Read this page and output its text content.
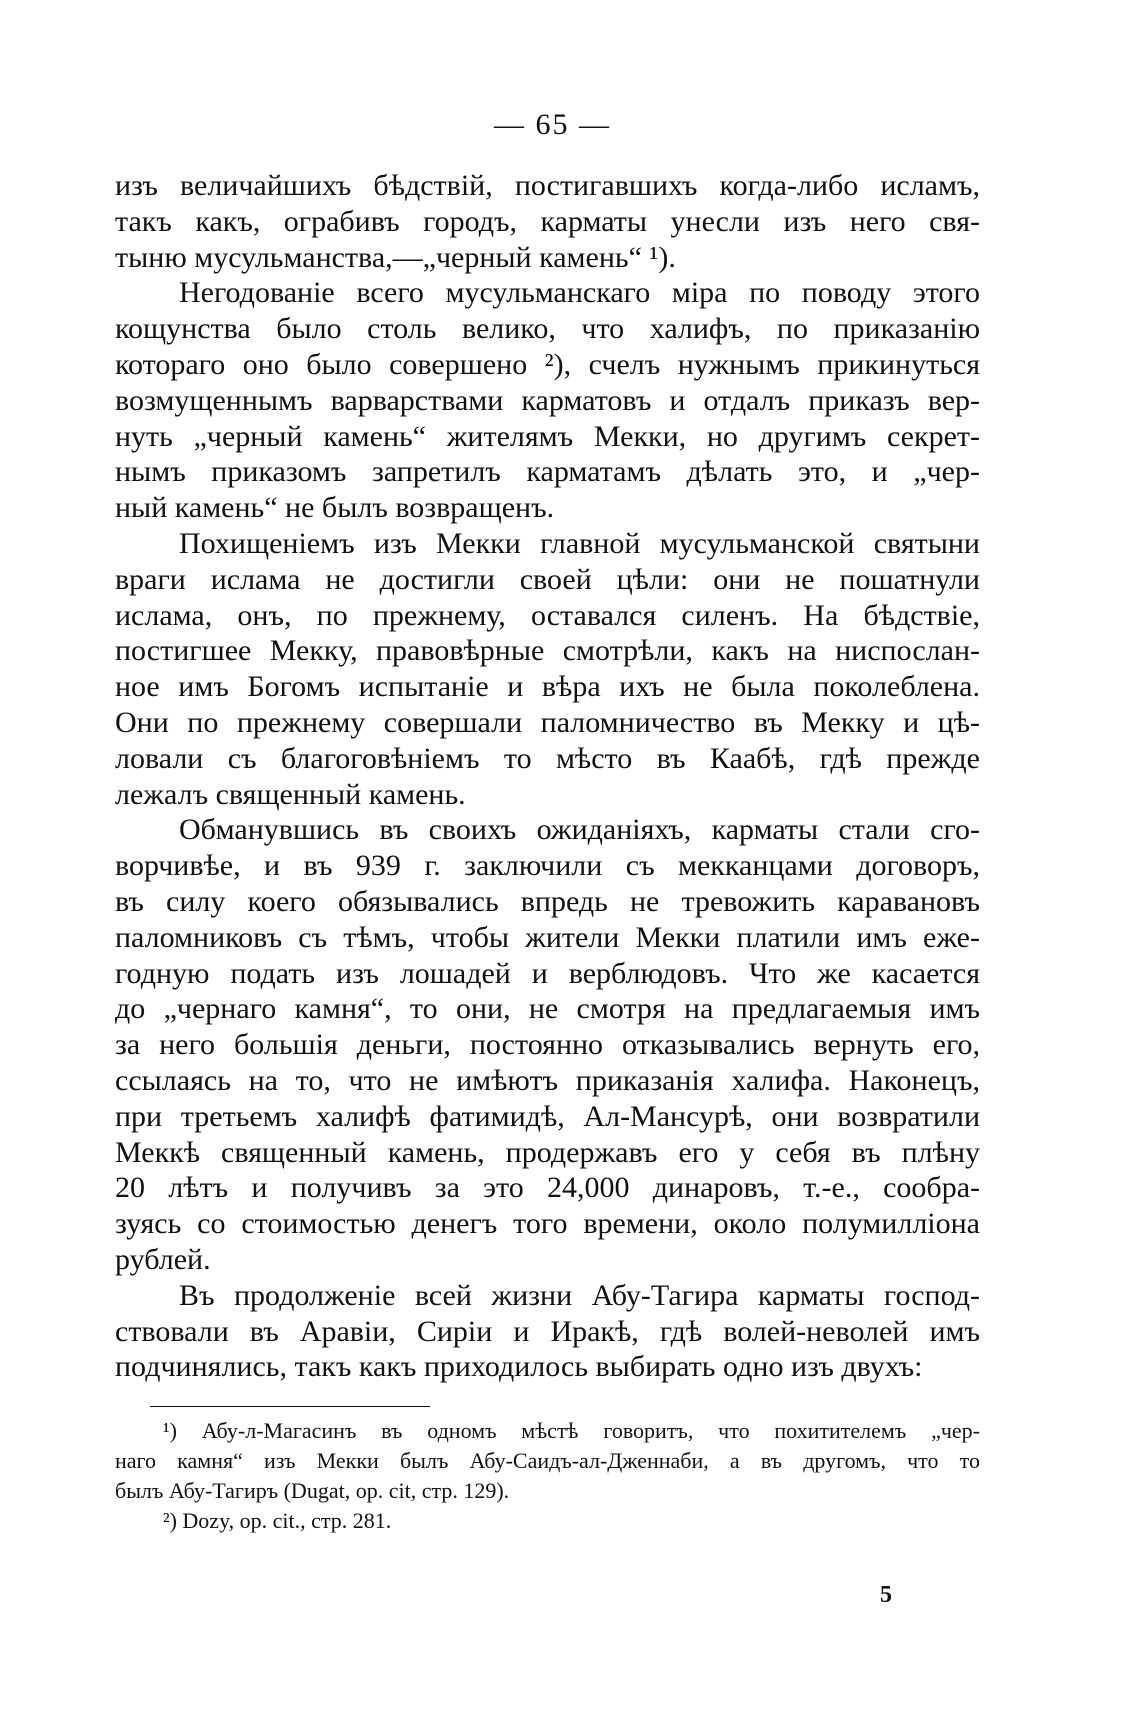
— 65 —
изъ величайшихъ бѣдствій, постигавшихъ когда-либо исламъ,
такъ какъ, ограбивъ городъ, карматы унесли изъ него свя-
тыню мусульманства,—„черный камень“ ¹).
Негодованіе всего мусульманскаго міра по поводу этого
кощунства было столь велико, что халифъ, по приказанію
котораго оно было совершено ²), счелъ нужнымъ прикинуться
возмущеннымъ варварствами карматовъ и отдалъ приказъ вер-
нуть „черный камень“ жителямъ Мекки, но другимъ секрет-
нымъ приказомъ запретилъ карматамъ дѣлать это, и „чер-
ный камень“ не былъ возвращенъ.
Похищеніемъ изъ Мекки главной мусульманской святыни
враги ислама не достигли своей цѣли: они не пошатнули
ислама, онъ, по прежнему, оставался силенъ. На бѣдствіе,
постигшее Мекку, правовѣрные смотрѣли, какъ на ниспослан-
ное имъ Богомъ испытаніе и вѣра ихъ не была поколеблена.
Они по прежнему совершали паломничество въ Мекку и цѣ-
ловали съ благоговѣніемъ то мѣсто въ Каабѣ, гдѣ прежде
лежалъ священный камень.
Обманувшись въ своихъ ожиданіяхъ, карматы стали сго-
ворчивѣе, и въ 939 г. заключили съ мекканцами договоръ,
въ силу коего обязывались впредь не тревожить каравановъ
паломниковъ съ тѣмъ, чтобы жители Мекки платили имъ еже-
годную подать изъ лошадей и верблюдовъ. Что же касается
до „чернаго камня“, то они, не смотря на предлагаемыя имъ
за него большія деньги, постоянно отказывались вернуть его,
ссылаясь на то, что не имѣютъ приказанія халифа. Наконецъ,
при третьемъ халифѣ фатимидѣ, Ал-Мансурѣ, они возвратили
Меккѣ священный камень, продержавъ его у себя въ плѣну
20 лѣтъ и получивъ за это 24,000 динаровъ, т.-е., сообра-
зуясь со стоимостью денегъ того времени, около полумилліона
рублей.
Въ продолженіе всей жизни Абу-Тагира карматы господ-
ствовали въ Аравіи, Сиріи и Иракѣ, гдѣ волей-неволей имъ
подчинялись, такъ какъ приходилось выбирать одно изъ двухъ:
¹) Абу-л-Магасинъ въ одномъ мѣстѣ говоритъ, что похитителемъ „чер-
наго камня“ изъ Мекки былъ Абу-Саидъ-ал-Дженнаби, а въ другомъ, что то
былъ Абу-Тагиръ (Dugat, op. cit, стр. 129).
²) Dozy, op. cit., стр. 281.
5
